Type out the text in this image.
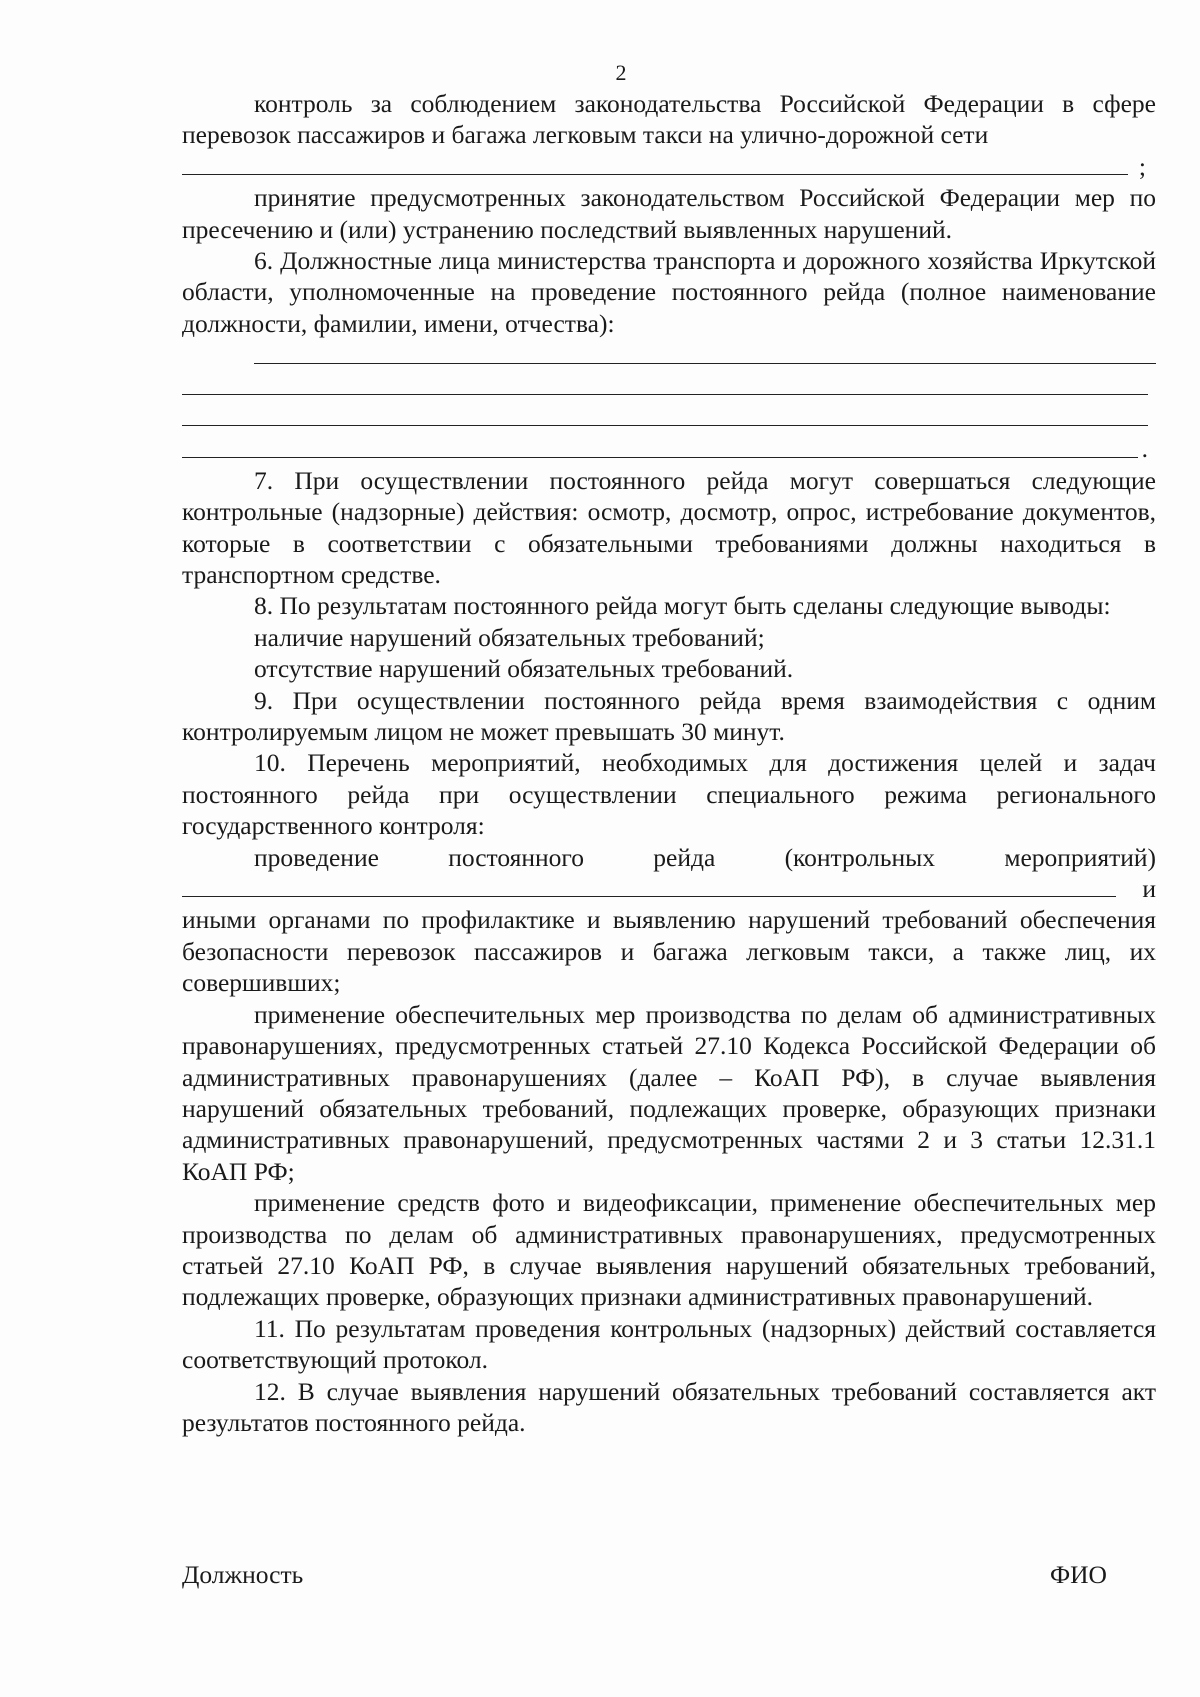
2

контроль за соблюдением законодательства Российской Федерации в сфере перевозок пассажиров и багажа легковым такси на улично-дорожной сети

;

принятие предусмотренных законодательством Российской Федерации мер по пресечению и (или) устранению последствий выявленных нарушений.

6. Должностные лица министерства транспорта и дорожного хозяйства Иркутской области, уполномоченные на проведение постоянного рейда (полное наименование должности, фамилии, имени, отчества):

.

7. При осуществлении постоянного рейда могут совершаться следующие контрольные (надзорные) действия: осмотр, досмотр, опрос, истребование документов, которые в соответствии с обязательными требованиями должны находиться в транспортном средстве.

8. По результатам постоянного рейда могут быть сделаны следующие выводы:

наличие нарушений обязательных требований;

отсутствие нарушений обязательных требований.

9. При осуществлении постоянного рейда время взаимодействия с одним контролируемым лицом не может превышать 30 минут.

10. Перечень мероприятий, необходимых для достижения целей и задач постоянного рейда при осуществлении специального режима регионального государственного контроля:

проведение постоянного рейда (контрольных мероприятий)

и

иными органами по профилактике и выявлению нарушений требований обеспечения безопасности перевозок пассажиров и багажа легковым такси, а также лиц, их совершивших;

применение обеспечительных мер производства по делам об административных правонарушениях, предусмотренных статьей 27.10 Кодекса Российской Федерации об административных правонарушениях (далее – КоАП РФ), в случае выявления нарушений обязательных требований, подлежащих проверке, образующих признаки административных правонарушений, предусмотренных частями 2 и 3 статьи 12.31.1 КоАП РФ;

применение средств фото и видеофиксации, применение обеспечительных мер производства по делам об административных правонарушениях, предусмотренных статьей 27.10 КоАП РФ, в случае выявления нарушений обязательных требований, подлежащих проверке, образующих признаки административных правонарушений.

11. По результатам проведения контрольных (надзорных) действий составляется соответствующий протокол.

12. В случае выявления нарушений обязательных требований составляется акт результатов постоянного рейда.

Должность	ФИО
